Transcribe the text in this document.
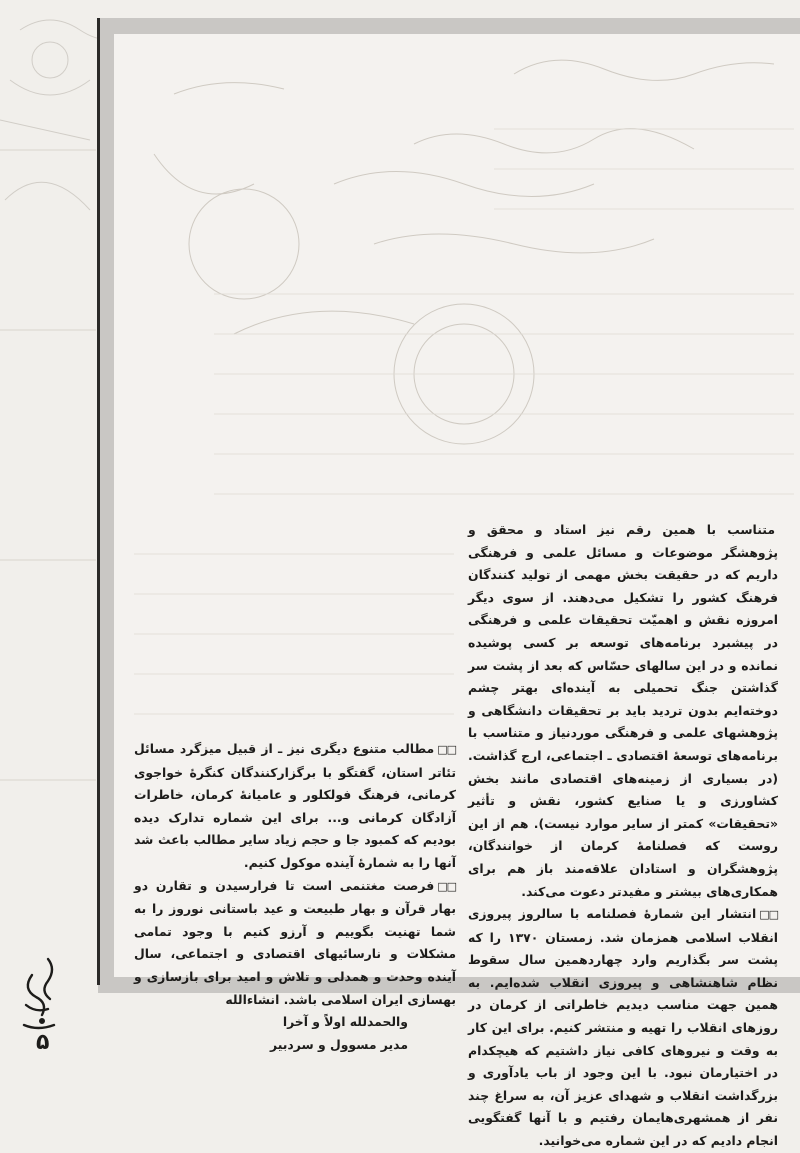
متناسب با همین رقم نیز استاد و محقق و پژوهشگر موضوعات و مسائل علمی و فرهنگی داریم که در حقیقت بخش مهمی از تولید کنندگان فرهنگ کشور را تشکیل می‌دهند. از سوی دیگر امروزه نقش و اهمیّت تحقیقات علمی و فرهنگی در پیشبرد برنامه‌های توسعه بر کسی پوشیده نمانده و در این سالهای حسّاس که بعد از پشت سر گذاشتن جنگ تحمیلی به آینده‌ای بهتر چشم دوخته‌ایم بدون تردید باید بر تحقیقات دانشگاهی و پژوهشهای علمی و فرهنگی موردنیاز و متناسب با برنامه‌های توسعهٔ اقتصادی ـ اجتماعی، ارج گذاشت. (در بسیاری از زمینه‌های اقتصادی مانند بخش کشاورزی و یا صنایع کشور، نقش و تأثیر «تحقیقات» کمتر از سایر موارد نیست). هم از این روست که فصلنامهٔ کرمان از خوانندگان، پژوهشگران و استادان علاقه‌مند باز هم برای همکاری‌های بیشتر و مفیدتر دعوت می‌کند.

□□انتشار این شمارهٔ فصلنامه با سالروز پیروزی انقلاب اسلامی همزمان شد. زمستان ۱۳۷۰ را که پشت سر بگذاریم وارد چهاردهمین سال سقوط نظام شاهنشاهی و پیروزی انقلاب شده‌ایم. به همین جهت مناسب دیدیم خاطراتی از کرمان در روزهای انقلاب را تهیه و منتشر کنیم. برای این کار به وقت و نیروهای کافی نیاز داشتیم که هیچکدام در اختیارمان نبود. با این وجود از باب یادآوری و بزرگداشت انقلاب و شهدای عزیز آن، به سراغ چند نفر از همشهری‌هایمان رفتیم و با آنها گفتگویی انجام دادیم که در این شماره می‌خوانید.

□□مطالب متنوع دیگری نیز ـ از قبیل میزگرد مسائل تئاتر استان، گفتگو با برگزارکنندگان کنگرهٔ خواجوی کرمانی، فرهنگ فولکلور و عامیانهٔ کرمان، خاطرات آزادگان کرمانی و... برای این شماره تدارک دیده بودیم که کمبود جا و حجم زیاد سایر مطالب باعث شد آنها را به شمارهٔ آینده موکول کنیم.

□□فرصت مغتنمی است تا فرارسیدن و تقارن دو بهار قرآن و بهار طبیعت و عید باستانی نوروز را به شما تهنیت بگوییم و آرزو کنیم با وجود تمامی مشکلات و نارسائیهای اقتصادی و اجتماعی، سال آینده وحدت و همدلی و تلاش و امید برای بازسازی و بهسازی ایران اسلامی باشد. انشاءالله

والحمدلله اولاً و آخرا

مدیر مسوول و سردبیر

۵
